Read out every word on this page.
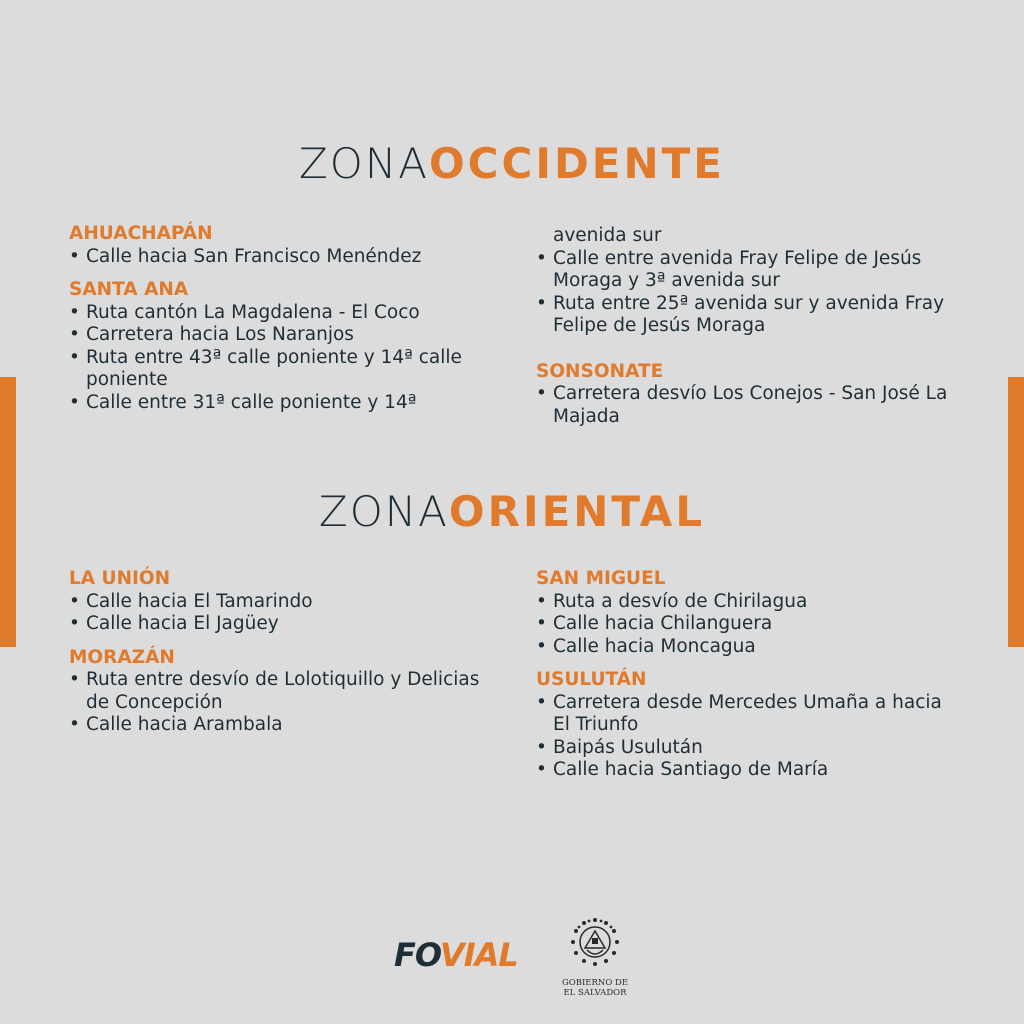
ZONAOCCIDENTE
AHUACHAPÁN
• Calle hacia San Francisco Menéndez
SANTA ANA
• Ruta cantón La Magdalena - El Coco
• Carretera hacia Los Naranjos
• Ruta entre 43ª calle poniente y 14ª calle poniente
• Calle entre 31ª calle poniente y 14ª
avenida sur
• Calle entre avenida Fray Felipe de Jesús Moraga y 3ª avenida sur
• Ruta entre 25ª avenida sur y avenida Fray Felipe de Jesús Moraga
SONSONATE
• Carretera desvío Los Conejos - San José La Majada
ZONAORIENTAL
LA UNIÓN
• Calle hacia El Tamarindo
• Calle hacia El Jagüey
MORAZÁN
• Ruta entre desvío de Lolotiquillo y Delicias de Concepción
• Calle hacia Arambala
SAN MIGUEL
• Ruta a desvío de Chirilagua
• Calle hacia Chilanguera
• Calle hacia Moncagua
USULUTÁN
• Carretera desde Mercedes Umaña a hacia El Triunfo
• Baipás Usulután
• Calle hacia Santiago de María
FOVIAL
GOBIERNO DE
EL SALVADOR
